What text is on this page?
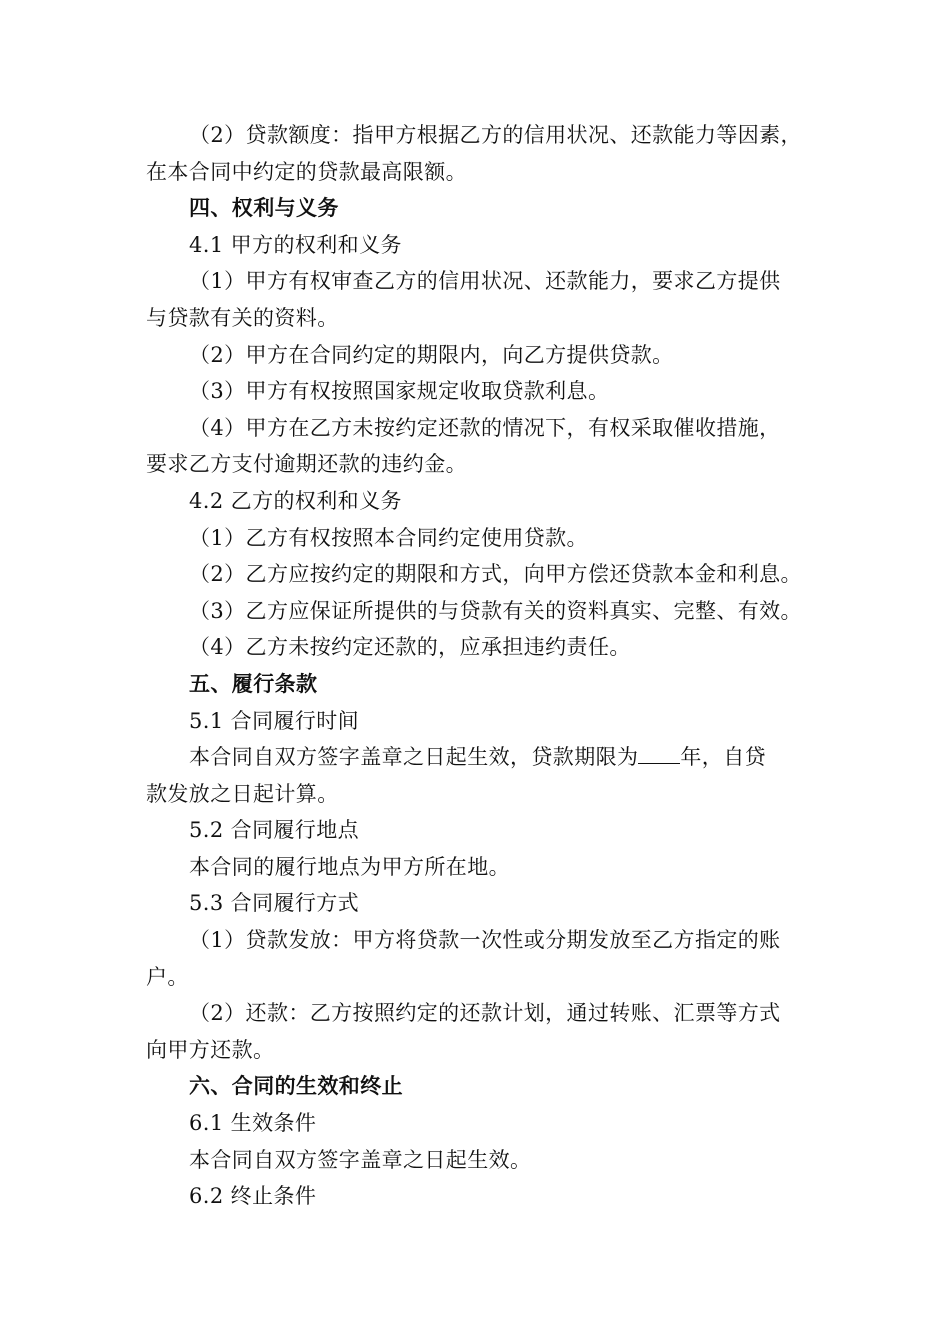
（2）贷款额度：指甲方根据乙方的信用状况、还款能力等因素，
在本合同中约定的贷款最高限额。
四、权利与义务
4.1 甲方的权利和义务
（1）甲方有权审查乙方的信用状况、还款能力，要求乙方提供
与贷款有关的资料。
（2）甲方在合同约定的期限内，向乙方提供贷款。
（3）甲方有权按照国家规定收取贷款利息。
（4）甲方在乙方未按约定还款的情况下，有权采取催收措施，
要求乙方支付逾期还款的违约金。
4.2 乙方的权利和义务
（1）乙方有权按照本合同约定使用贷款。
（2）乙方应按约定的期限和方式，向甲方偿还贷款本金和利息。
（3）乙方应保证所提供的与贷款有关的资料真实、完整、有效。
（4）乙方未按约定还款的，应承担违约责任。
五、履行条款
5.1 合同履行时间
本合同自双方签字盖章之日起生效，贷款期限为 年，自贷
款发放之日起计算。
5.2 合同履行地点
本合同的履行地点为甲方所在地。
5.3 合同履行方式
（1）贷款发放：甲方将贷款一次性或分期发放至乙方指定的账
户。
（2）还款：乙方按照约定的还款计划，通过转账、汇票等方式
向甲方还款。
六、合同的生效和终止
6.1 生效条件
本合同自双方签字盖章之日起生效。
6.2 终止条件
